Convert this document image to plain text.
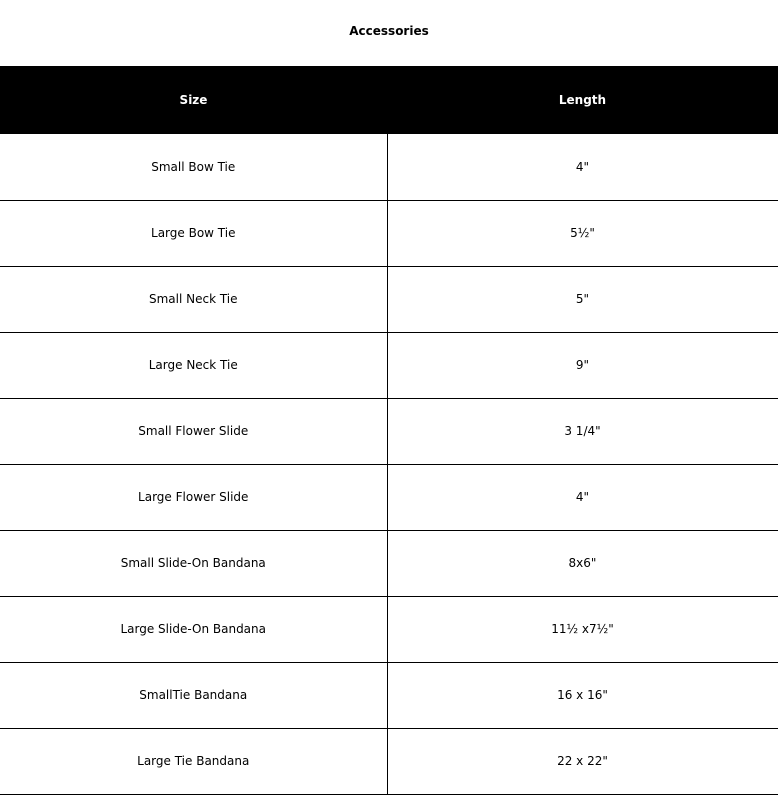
Accessories
Size	Length
Small Bow Tie	4"
Large Bow Tie	5½"
Small Neck Tie	5"
Large Neck Tie	9"
Small Flower Slide	3 1/4"
Large Flower Slide	4"
Small Slide-On Bandana	8x6"
Large Slide-On Bandana	11½ x7½"
SmallTie Bandana	16 x 16"
Large Tie Bandana	22 x 22"
